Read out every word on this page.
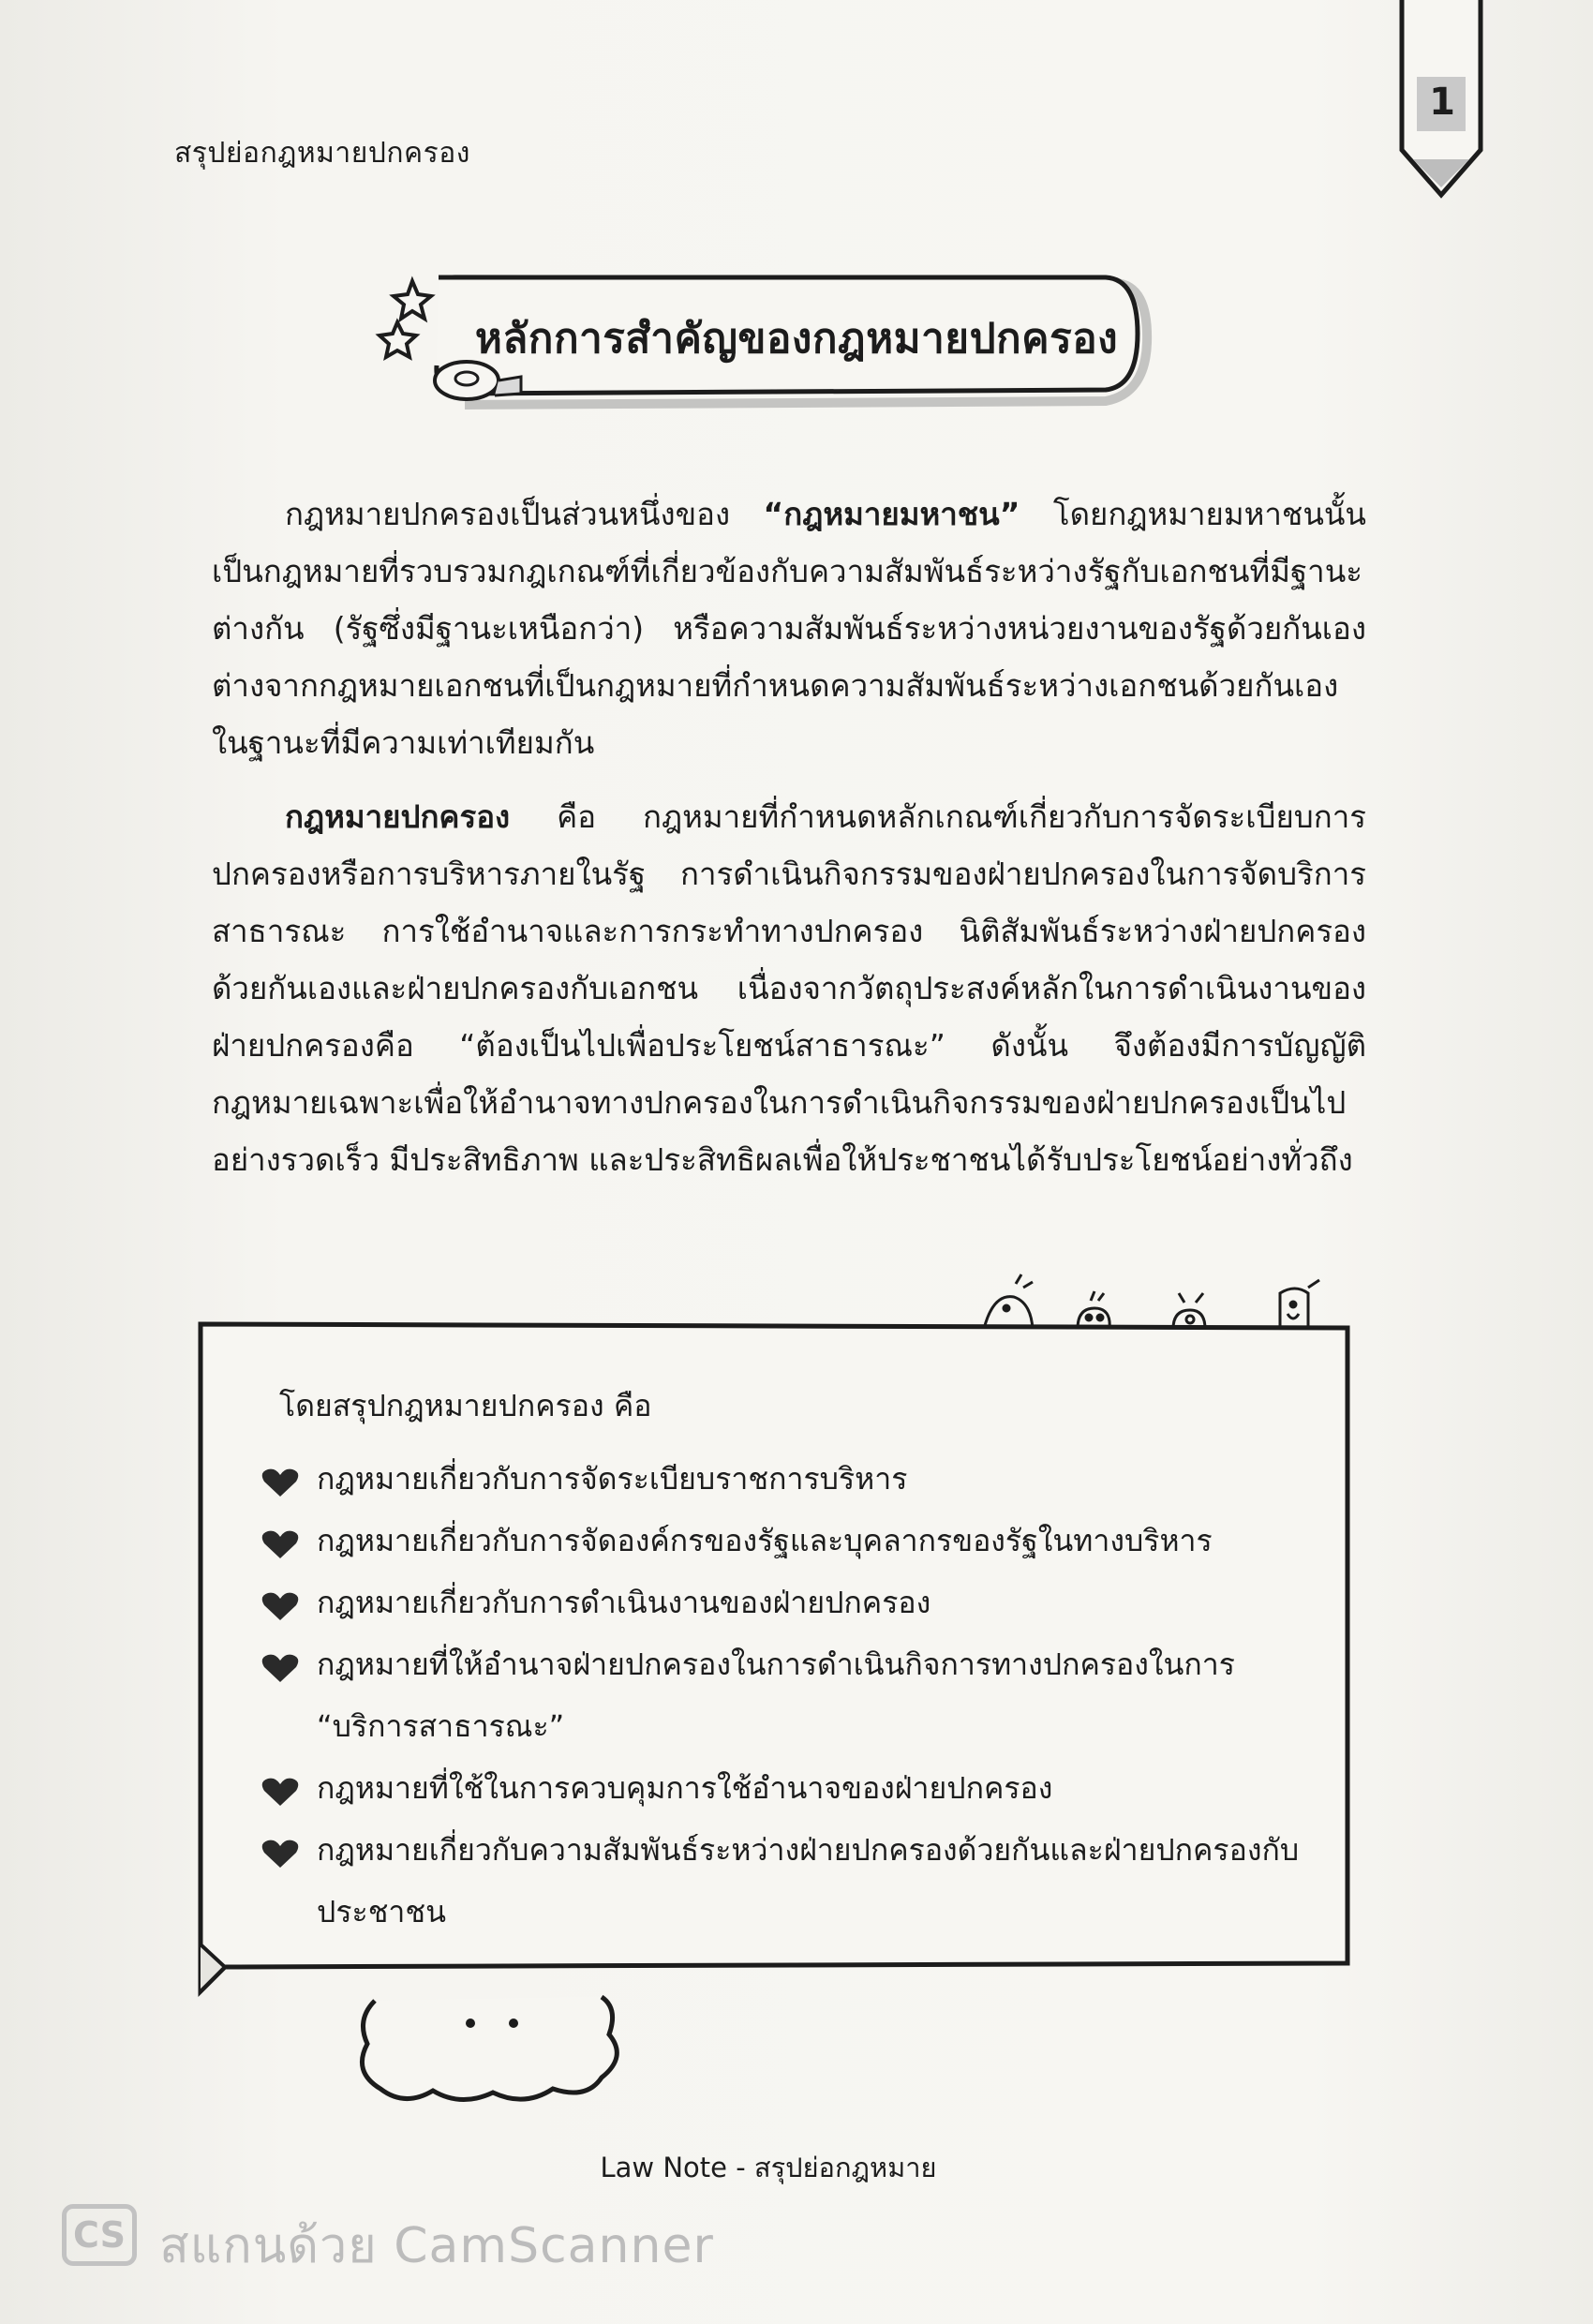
สรุปย่อกฎหมายปกครอง
1
หลักการสำคัญของกฎหมายปกครอง

กฎหมายปกครองเป็นส่วนหนึ่งของ “กฎหมายมหาชน” โดยกฎหมายมหาชนนั้นเป็นกฎหมายที่รวบรวมกฎเกณฑ์ที่เกี่ยวข้องกับความสัมพันธ์ระหว่างรัฐกับเอกชนที่มีฐานะต่างกัน (รัฐซึ่งมีฐานะเหนือกว่า) หรือความสัมพันธ์ระหว่างหน่วยงานของรัฐด้วยกันเอง ต่างจากกฎหมายเอกชนที่เป็นกฎหมายที่กำหนดความสัมพันธ์ระหว่างเอกชนด้วยกันเองในฐานะที่มีความเท่าเทียมกัน

กฎหมายปกครอง คือ กฎหมายที่กำหนดหลักเกณฑ์เกี่ยวกับการจัดระเบียบการปกครองหรือการบริหารภายในรัฐ การดำเนินกิจกรรมของฝ่ายปกครองในการจัดบริการสาธารณะ การใช้อำนาจและการกระทำทางปกครอง นิติสัมพันธ์ระหว่างฝ่ายปกครองด้วยกันเองและฝ่ายปกครองกับเอกชน เนื่องจากวัตถุประสงค์หลักในการดำเนินงานของฝ่ายปกครองคือ “ต้องเป็นไปเพื่อประโยชน์สาธารณะ” ดังนั้น จึงต้องมีการบัญญัติกฎหมายเฉพาะเพื่อให้อำนาจทางปกครองในการดำเนินกิจกรรมของฝ่ายปกครองเป็นไปอย่างรวดเร็ว มีประสิทธิภาพ และประสิทธิผลเพื่อให้ประชาชนได้รับประโยชน์อย่างทั่วถึง

โดยสรุปกฎหมายปกครอง คือ
กฎหมายเกี่ยวกับการจัดระเบียบราชการบริหาร
กฎหมายเกี่ยวกับการจัดองค์กรของรัฐและบุคลากรของรัฐในทางบริหาร
กฎหมายเกี่ยวกับการดำเนินงานของฝ่ายปกครอง
กฎหมายที่ให้อำนาจฝ่ายปกครองในการดำเนินกิจการทางปกครองในการ “บริการสาธารณะ”
กฎหมายที่ใช้ในการควบคุมการใช้อำนาจของฝ่ายปกครอง
กฎหมายเกี่ยวกับความสัมพันธ์ระหว่างฝ่ายปกครองด้วยกันและฝ่ายปกครองกับประชาชน
Law Note - สรุปย่อกฎหมาย
CS สแกนด้วย CamScanner
